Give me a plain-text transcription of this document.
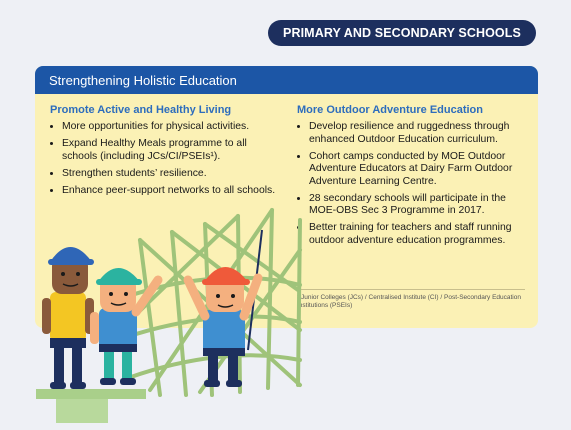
PRIMARY AND SECONDARY SCHOOLS
Strengthening Holistic Education
Promote Active and Healthy Living
• More opportunities for physical activities.
• Expand Healthy Meals programme to all schools (including JCs/CI/PSEIs¹).
• Strengthen students’ resilience.
• Enhance peer-support networks to all schools.
More Outdoor Adventure Education
• Develop resilience and ruggedness through enhanced Outdoor Education curriculum.
• Cohort camps conducted by MOE Outdoor Adventure Educators at Dairy Farm Outdoor Adventure Learning Centre.
• 28 secondary schools will participate in the MOE-OBS Sec 3 Programme in 2017.
• Better training for teachers and staff running outdoor adventure education programmes.
¹ Junior Colleges (JCs) / Centralised Institute (CI) / Post-Secondary Education Institutions (PSEIs)
